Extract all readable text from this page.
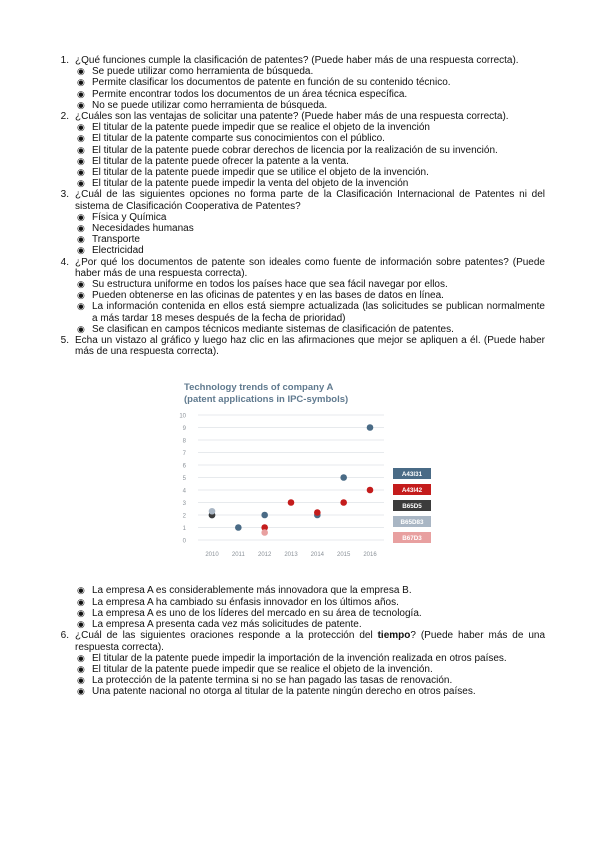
1. ¿Qué funciones cumple la clasificación de patentes? (Puede haber más de una respuesta correcta).
◉ Se puede utilizar como herramienta de búsqueda.
◉ Permite clasificar los documentos de patente en función de su contenido técnico.
◉ Permite encontrar todos los documentos de un área técnica específica.
◉ No se puede utilizar como herramienta de búsqueda.
2. ¿Cuáles son las ventajas de solicitar una patente? (Puede haber más de una respuesta correcta).
◉ El titular de la patente puede impedir que se realice el objeto de la invención
◉ El titular de la patente comparte sus conocimientos con el público.
◉ El titular de la patente puede cobrar derechos de licencia por la realización de su invención.
◉ El titular de la patente puede ofrecer la patente a la venta.
◉ El titular de la patente puede impedir que se utilice el objeto de la invención.
◉ El titular de la patente puede impedir la venta del objeto de la invención
3. ¿Cuál de las siguientes opciones no forma parte de la Clasificación Internacional de Patentes ni del sistema de Clasificación Cooperativa de Patentes?
◉ Física y Química
◉ Necesidades humanas
◉ Transporte
◉ Electricidad
4. ¿Por qué los documentos de patente son ideales como fuente de información sobre patentes? (Puede haber más de una respuesta correcta).
◉ Su estructura uniforme en todos los países hace que sea fácil navegar por ellos.
◉ Pueden obtenerse en las oficinas de patentes y en las bases de datos en línea.
◉ La información contenida en ellos está siempre actualizada (las solicitudes se publican normalmente a más tardar 18 meses después de la fecha de prioridad)
◉ Se clasifican en campos técnicos mediante sistemas de clasificación de patentes.
5. Echa un vistazo al gráfico y luego haz clic en las afirmaciones que mejor se apliquen a él. (Puede haber más de una respuesta correcta).
Technology trends of company A
(patent applications in IPC-symbols)
0
1
2
3
4
5
6
7
8
9
10
2010 2011 2012 2013 2014 2015 2016
A43l31
A43l42
B65D5
B65D83
B67D3
◉ La empresa A es considerablemente más innovadora que la empresa B.
◉ La empresa A ha cambiado su énfasis innovador en los últimos años.
◉ La empresa A es uno de los líderes del mercado en su área de tecnología.
◉ La empresa A presenta cada vez más solicitudes de patente.
6. ¿Cuál de las siguientes oraciones responde a la protección del tiempo? (Puede haber más de una respuesta correcta).
◉ El titular de la patente puede impedir la importación de la invención realizada en otros países.
◉ El titular de la patente puede impedir que se realice el objeto de la invención.
◉ La protección de la patente termina si no se han pagado las tasas de renovación.
◉ Una patente nacional no otorga al titular de la patente ningún derecho en otros países.
